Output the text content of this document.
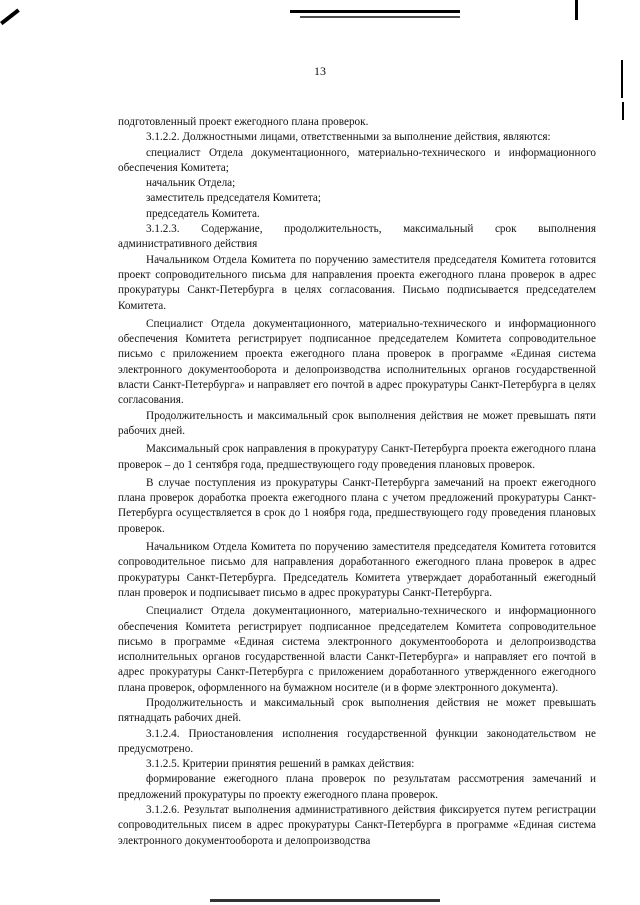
13

подготовленный проект ежегодного плана проверок.

3.1.2.2. Должностными лицами, ответственными за выполнение действия, являются:

специалист Отдела документационного, материально-технического и информационного обеспечения Комитета;

начальник Отдела;

заместитель председателя Комитета;

председатель Комитета.

3.1.2.3. Содержание, продолжительность, максимальный срок выполнения административного действия

Начальником Отдела Комитета по поручению заместителя председателя Комитета готовится проект сопроводительного письма для направления проекта ежегодного плана проверок в адрес прокуратуры Санкт-Петербурга в целях согласования. Письмо подписывается председателем Комитета.

Специалист Отдела документационного, материально-технического и информационного обеспечения Комитета регистрирует подписанное председателем Комитета сопроводительное письмо с приложением проекта ежегодного плана проверок в программе «Единая система электронного документооборота и делопроизводства исполнительных органов государственной власти Санкт-Петербурга» и направляет его почтой в адрес прокуратуры Санкт-Петербурга в целях согласования.

Продолжительность и максимальный срок выполнения действия не может превышать пяти рабочих дней.

Максимальный срок направления в прокуратуру Санкт-Петербурга проекта ежегодного плана проверок – до 1 сентября года, предшествующего году проведения плановых проверок.

В случае поступления из прокуратуры Санкт-Петербурга замечаний на проект ежегодного плана проверок доработка проекта ежегодного плана с учетом предложений прокуратуры Санкт-Петербурга осуществляется в срок до 1 ноября года, предшествующего году проведения плановых проверок.

Начальником Отдела Комитета по поручению заместителя председателя Комитета готовится сопроводительное письмо для направления доработанного ежегодного плана проверок в адрес прокуратуры Санкт-Петербурга. Председатель Комитета утверждает доработанный ежегодный план проверок и подписывает письмо в адрес прокуратуры Санкт-Петербурга.

Специалист Отдела документационного, материально-технического и информационного обеспечения Комитета регистрирует подписанное председателем Комитета сопроводительное письмо в программе «Единая система электронного документооборота и делопроизводства исполнительных органов государственной власти Санкт-Петербурга» и направляет его почтой в адрес прокуратуры Санкт-Петербурга с приложением доработанного утвержденного ежегодного плана проверок, оформленного на бумажном носителе (и в форме электронного документа).

Продолжительность и максимальный срок выполнения действия не может превышать пятнадцать рабочих дней.

3.1.2.4. Приостановления исполнения государственной функции законодательством не предусмотрено.

3.1.2.5. Критерии принятия решений в рамках действия:

формирование ежегодного плана проверок по результатам рассмотрения замечаний и предложений прокуратуры по проекту ежегодного плана проверок.

3.1.2.6. Результат выполнения административного действия фиксируется путем регистрации сопроводительных писем в адрес прокуратуры Санкт-Петербурга в программе «Единая система электронного документооборота и делопроизводства
